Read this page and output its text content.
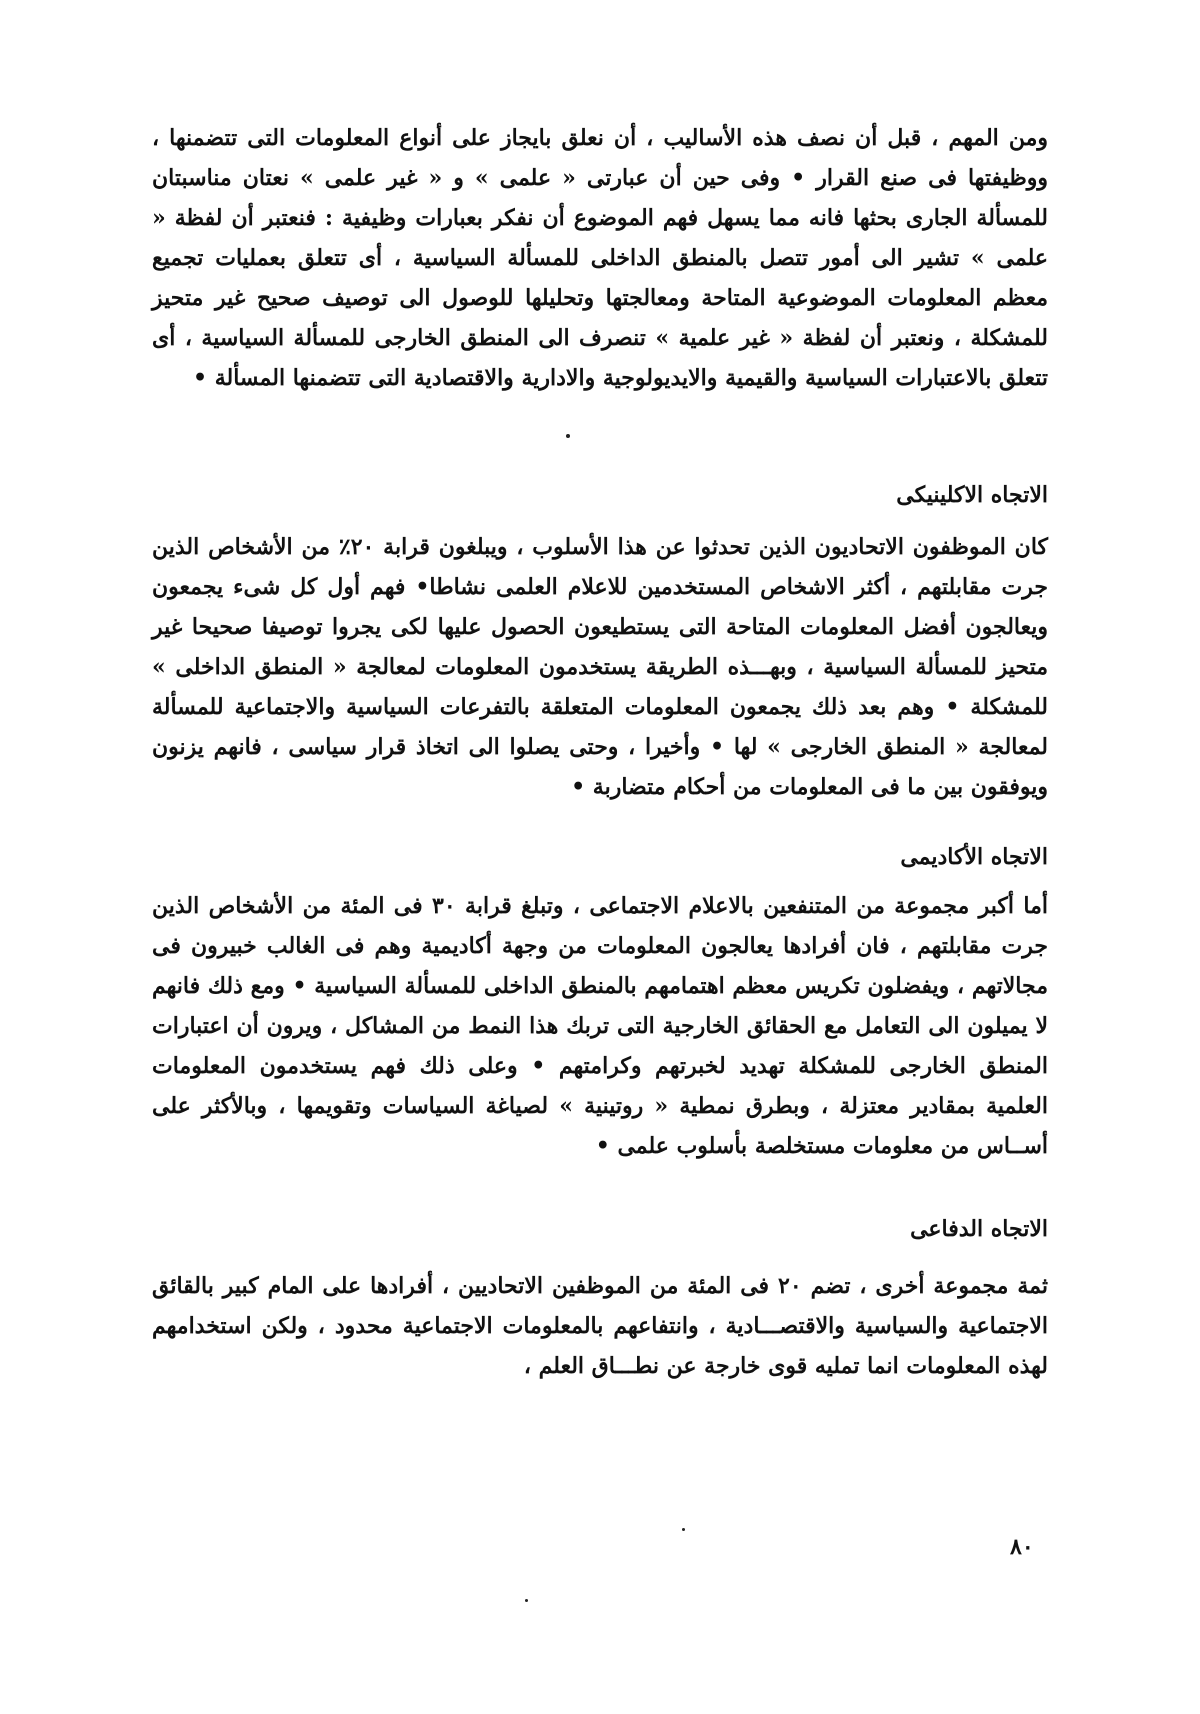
ومن المهم ، قبل أن نصف هذه الأساليب ، أن نعلق بايجاز على أنواع المعلومات التى تتضمنها ، ووظيفتها فى صنع القرار • وفى حين أن عبارتى « علمى » و « غير علمى » نعتان مناسبتان للمسألة الجارى بحثها فانه مما يسهل فهم الموضوع أن نفكر بعبارات وظيفية : فنعتبر أن لفظة « علمى » تشير الى أمور تتصل بالمنطق الداخلى للمسألة السياسية ، أى تتعلق بعمليات تجميع معظم المعلومات الموضوعية المتاحة ومعالجتها وتحليلها للوصول الى توصيف صحيح غير متحيز للمشكلة ، ونعتبر أن لفظة « غير علمية » تنصرف الى المنطق الخارجى للمسألة السياسية ، أى تتعلق بالاعتبارات السياسية والقيمية والايديولوجية والادارية والاقتصادية التى تتضمنها المسألة •

الاتجاه الاكلينيكى

كان الموظفون الاتحاديون الذين تحدثوا عن هذا الأسلوب ، ويبلغون قرابة ٢٠٪ من الأشخاص الذين جرت مقابلتهم ، أكثر الاشخاص المستخدمين للاعلام العلمى نشاطا• فهم أول كل شىء يجمعون ويعالجون أفضل المعلومات المتاحة التى يستطيعون الحصول عليها لكى يجروا توصيفا صحيحا غير متحيز للمسألة السياسية ، وبهـــذه الطريقة يستخدمون المعلومات لمعالجة « المنطق الداخلى » للمشكلة • وهم بعد ذلك يجمعون المعلومات المتعلقة بالتفرعات السياسية والاجتماعية للمسألة لمعالجة « المنطق الخارجى » لها • وأخيرا ، وحتى يصلوا الى اتخاذ قرار سياسى ، فانهم يزنون ويوفقون بين ما فى المعلومات من أحكام متضاربة •

الاتجاه الأكاديمى

أما أكبر مجموعة من المتنفعين بالاعلام الاجتماعى ، وتبلغ قرابة ٣٠ فى المئة من الأشخاص الذين جرت مقابلتهم ، فان أفرادها يعالجون المعلومات من وجهة أكاديمية وهم فى الغالب خبيرون فى مجالاتهم ، ويفضلون تكريس معظم اهتمامهم بالمنطق الداخلى للمسألة السياسية • ومع ذلك فانهم لا يميلون الى التعامل مع الحقائق الخارجية التى تربك هذا النمط من المشاكل ، ويرون أن اعتبارات المنطق الخارجى للمشكلة تهديد لخبرتهم وكرامتهم • وعلى ذلك فهم يستخدمون المعلومات العلمية بمقادير معتزلة ، وبطرق نمطية « روتينية » لصياغة السياسات وتقويمها ، وبالأكثر على أســاس من معلومات مستخلصة بأسلوب علمى •

الاتجاه الدفاعى

ثمة مجموعة أخرى ، تضم ٢٠ فى المئة من الموظفين الاتحاديين ، أفرادها على المام كبير بالقائق الاجتماعية والسياسية والاقتصـــادية ، وانتفاعهم بالمعلومات الاجتماعية محدود ، ولكن استخدامهم لهذه المعلومات انما تمليه قوى خارجة عن نطـــاق العلم ،

٨٠
